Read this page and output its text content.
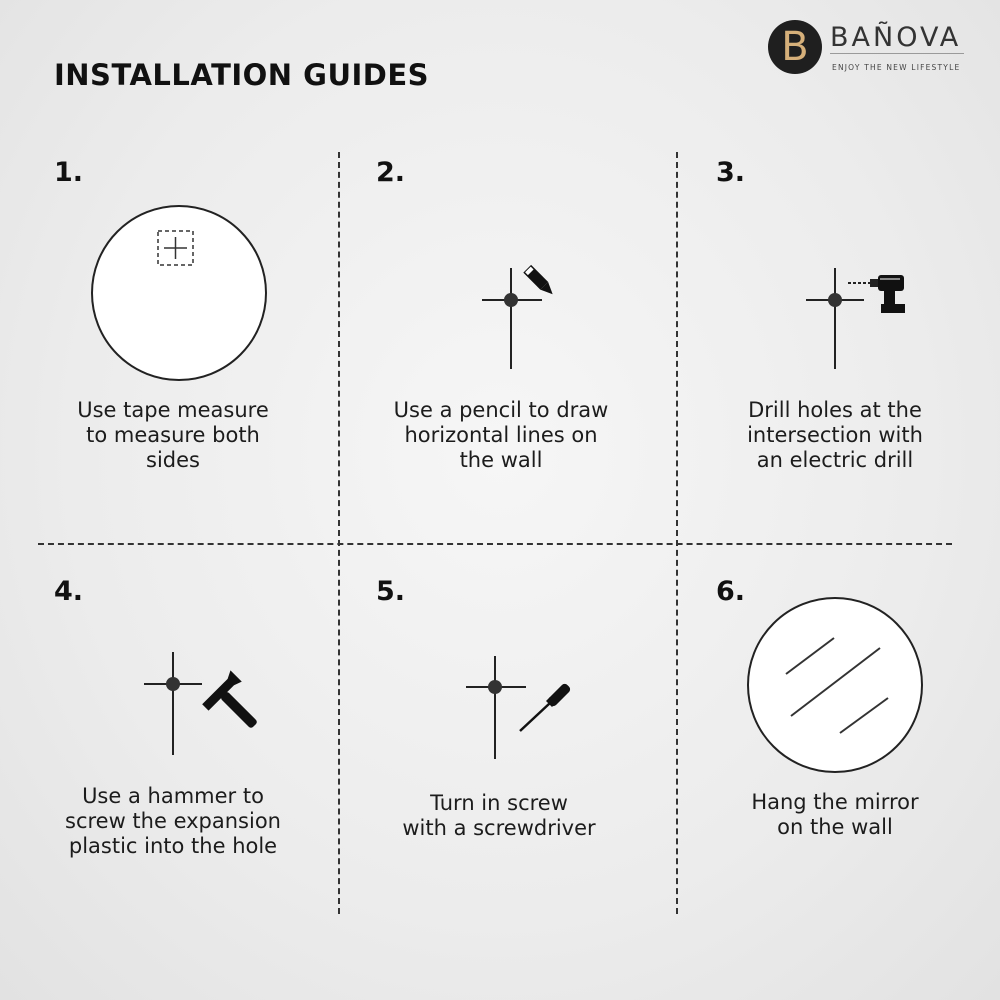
INSTALLATION GUIDES
B BAÑOVA
ENJOY THE NEW LIFESTYLE
1.
Use tape measure
to measure both
sides
2.
Use a pencil to draw
horizontal lines on
the wall
3.
Drill holes at the
intersection with
an electric drill
4.
Use a hammer to
screw the expansion
plastic into the hole
5.
Turn in screw
with a screwdriver
6.
Hang the mirror
on the wall
